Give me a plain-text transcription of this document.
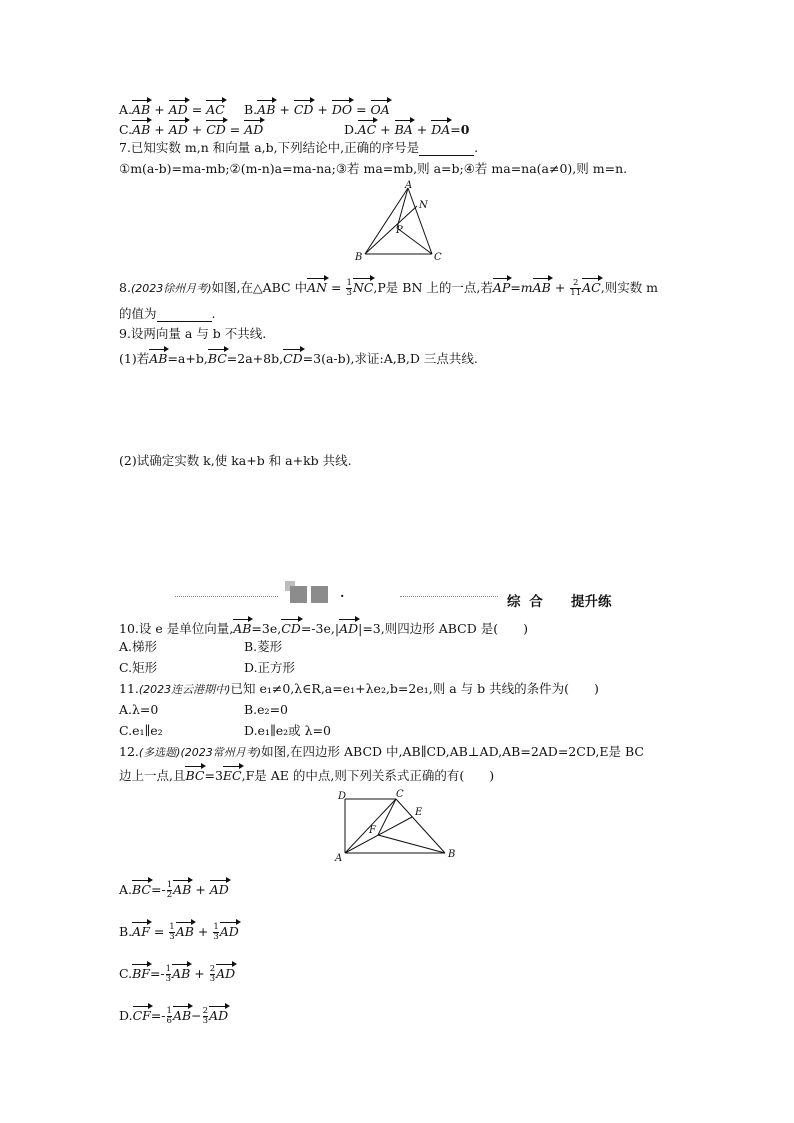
A.AB + AD = AC B.AB + CD + DO = OA
C.AB + AD + CD = AD	D.AC + BA + DA=0
7.已知实数 m,n 和向量 a,b,下列结论中,正确的序号是	.
①m(a-b)=ma-mb;②(m-n)a=ma-na;③若 ma=mb,则 a=b;④若 ma=na(a≠0),则 m=n.
A
N
P
B	C
8.(2023徐州月考)如图,在△ABC 中AN = $\frac{1}{3} NC,P$是 BN 上的一点,若$AP=mAB + \frac{2}{11}$ AC,则实数 m
的值为	.
9.设两向量 a 与 b 不共线.
(1)若AB=a+b,BC=2a+8b,CD=3(a-b),求证:A,B,D 三点共线.
(2)试确定实数 k,使 ka+b 和 a+kb 共线.
·	综 合 提升练
10.设 e 是单位向量,AB=3e,CD=-3e,|AD|=3,则四边形 ABCD 是(　　)
A.梯形	B.菱形
C.矩形	D.正方形
11.(2023连云港期中)已知 e₁≠0,λ∈R,a=e₁+λe₂,b=2e₁,则 a 与 b 共线的条件为(　　)
A.λ=0	B.e₂=0
C.e₁∥e₂	D.e₁∥e₂或 λ=0
12.(多选题)(2023常州月考)如图,在四边形 ABCD 中,AB∥CD,AB⊥AD,AB=2AD=2CD,E是 BC
边上一点,且BC=3EC,F是 AE 的中点,则下列关系式正确的有(　　)
D	C
E
F
A	B
$A.BC=- \frac{1}{2}$ AB + AD
$B.AF = \frac{1}{3}$ AB + $\frac{1}{3}$ AD
$C.BF=- \frac{1}{3}$ AB + $\frac{2}{3}$ AD
$D.CF=- \frac{1}{6} AB- \frac{2}{3}$ AD
